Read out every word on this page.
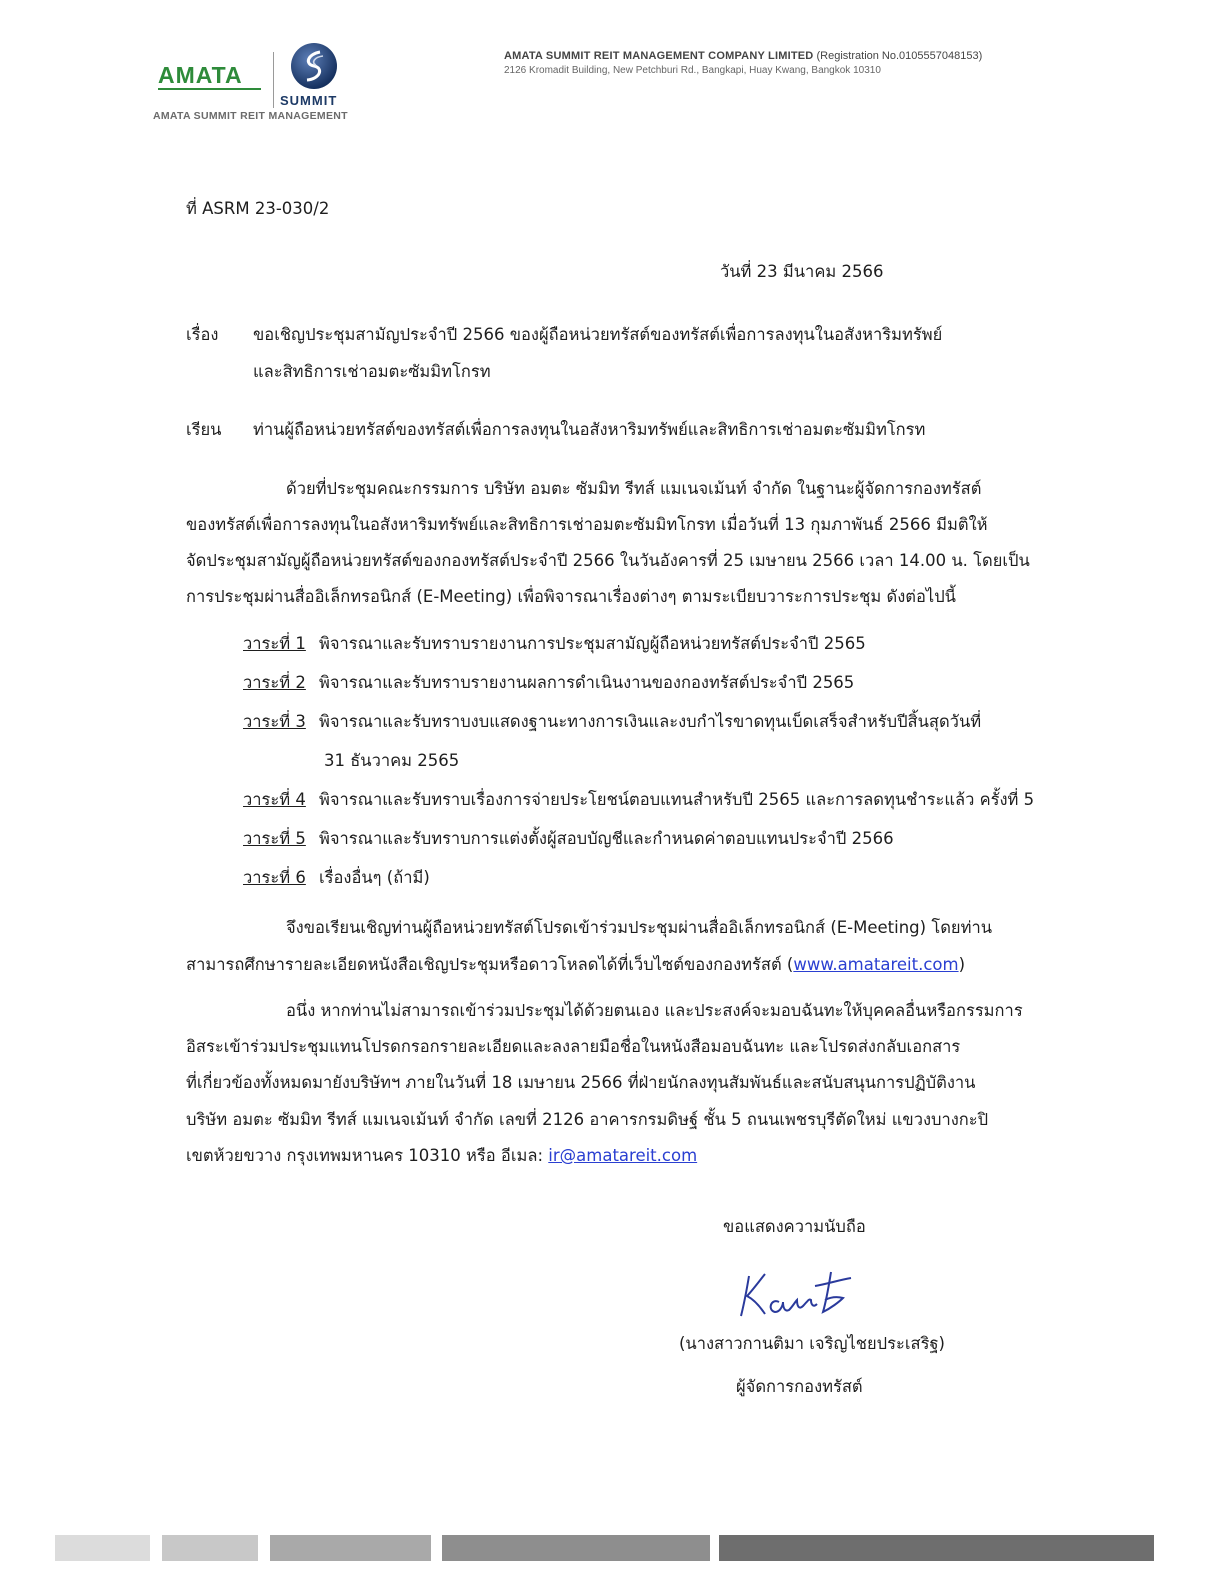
AMATA
SUMMIT
AMATA SUMMIT REIT MANAGEMENT
AMATA SUMMIT REIT MANAGEMENT COMPANY LIMITED (Registration No.0105557048153)
2126 Kromadit Building, New Petchburi Rd., Bangkapi, Huay Kwang, Bangkok 10310
ที่ ASRM 23-030/2
วันที่ 23 มีนาคม 2566
เรื่อง ขอเชิญประชุมสามัญประจำปี 2566 ของผู้ถือหน่วยทรัสต์ของทรัสต์เพื่อการลงทุนในอสังหาริมทรัพย์
และสิทธิการเช่าอมตะซัมมิทโกรท
เรียน ท่านผู้ถือหน่วยทรัสต์ของทรัสต์เพื่อการลงทุนในอสังหาริมทรัพย์และสิทธิการเช่าอมตะซัมมิทโกรท
ด้วยที่ประชุมคณะกรรมการ บริษัท อมตะ ซัมมิท รีทส์ แมเนจเม้นท์ จำกัด ในฐานะผู้จัดการกองทรัสต์
ของทรัสต์เพื่อการลงทุนในอสังหาริมทรัพย์และสิทธิการเช่าอมตะซัมมิทโกรท เมื่อวันที่ 13 กุมภาพันธ์ 2566 มีมติให้
จัดประชุมสามัญผู้ถือหน่วยทรัสต์ของกองทรัสต์ประจำปี 2566 ในวันอังคารที่ 25 เมษายน 2566 เวลา 14.00 น. โดยเป็น
การประชุมผ่านสื่ออิเล็กทรอนิกส์ (E-Meeting) เพื่อพิจารณาเรื่องต่างๆ ตามระเบียบวาระการประชุม ดังต่อไปนี้
วาระที่ 1 พิจารณาและรับทราบรายงานการประชุมสามัญผู้ถือหน่วยทรัสต์ประจำปี 2565
วาระที่ 2 พิจารณาและรับทราบรายงานผลการดำเนินงานของกองทรัสต์ประจำปี 2565
วาระที่ 3 พิจารณาและรับทราบงบแสดงฐานะทางการเงินและงบกำไรขาดทุนเบ็ดเสร็จสำหรับปีสิ้นสุดวันที่
31 ธันวาคม 2565
วาระที่ 4 พิจารณาและรับทราบเรื่องการจ่ายประโยชน์ตอบแทนสำหรับปี 2565 และการลดทุนชำระแล้ว ครั้งที่ 5
วาระที่ 5 พิจารณาและรับทราบการแต่งตั้งผู้สอบบัญชีและกำหนดค่าตอบแทนประจำปี 2566
วาระที่ 6 เรื่องอื่นๆ (ถ้ามี)
จึงขอเรียนเชิญท่านผู้ถือหน่วยทรัสต์โปรดเข้าร่วมประชุมผ่านสื่ออิเล็กทรอนิกส์ (E-Meeting) โดยท่าน
สามารถศึกษารายละเอียดหนังสือเชิญประชุมหรือดาวโหลดได้ที่เว็บไซต์ของกองทรัสต์ (www.amatareit.com)
อนึ่ง หากท่านไม่สามารถเข้าร่วมประชุมได้ด้วยตนเอง และประสงค์จะมอบฉันทะให้บุคคลอื่นหรือกรรมการ
อิสระเข้าร่วมประชุมแทนโปรดกรอกรายละเอียดและลงลายมือชื่อในหนังสือมอบฉันทะ และโปรดส่งกลับเอกสาร
ที่เกี่ยวข้องทั้งหมดมายังบริษัทฯ ภายในวันที่ 18 เมษายน 2566 ที่ฝ่ายนักลงทุนสัมพันธ์และสนับสนุนการปฏิบัติงาน
บริษัท อมตะ ซัมมิท รีทส์ แมเนจเม้นท์ จำกัด เลขที่ 2126 อาคารกรมดิษฐ์ ชั้น 5 ถนนเพชรบุรีตัดใหม่ แขวงบางกะปิ
เขตห้วยขวาง กรุงเทพมหานคร 10310 หรือ อีเมล: ir@amatareit.com
ขอแสดงความนับถือ
(นางสาวกานติมา เจริญไชยประเสริฐ)
ผู้จัดการกองทรัสต์
